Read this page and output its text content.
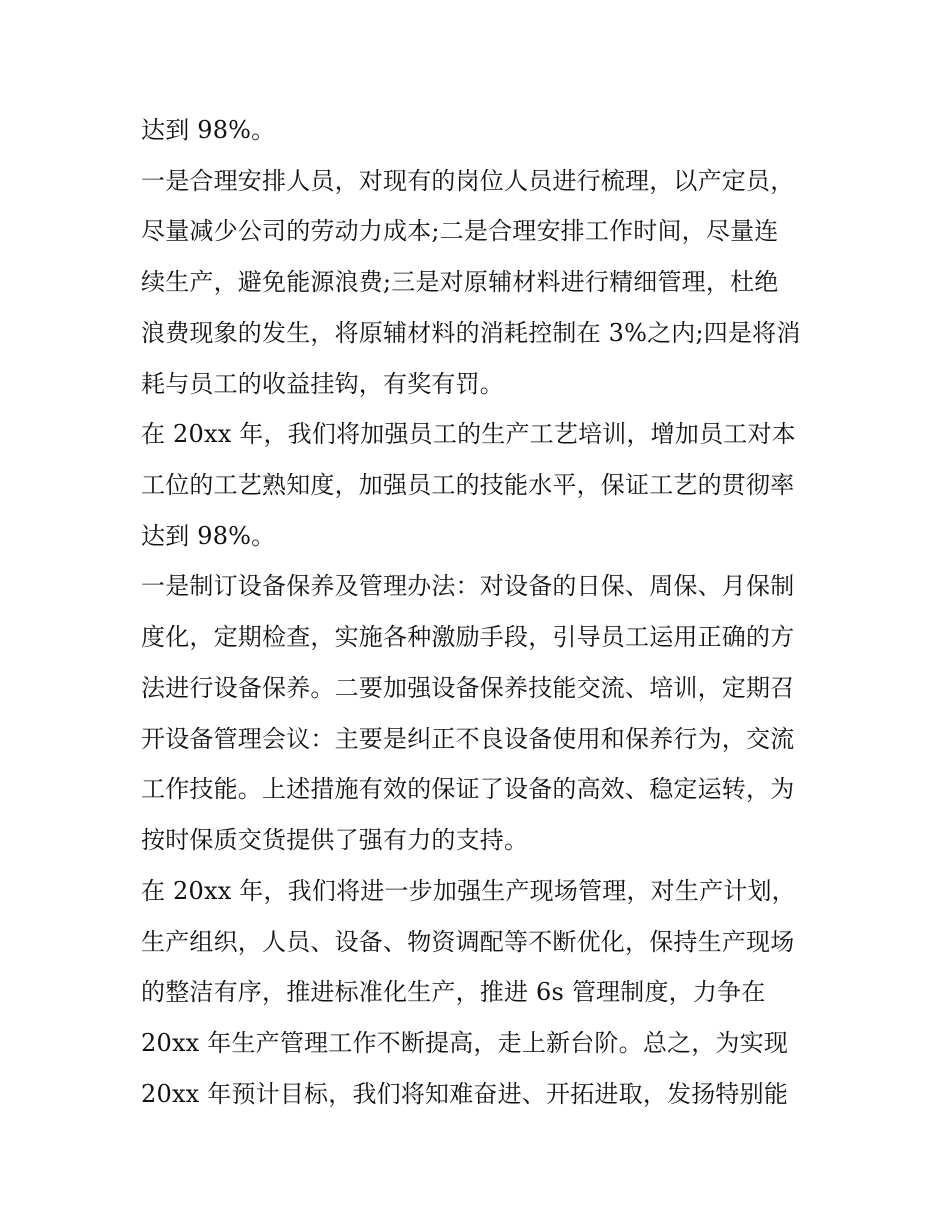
达到 98%。
一是合理安排人员，对现有的岗位人员进行梳理，以产定员，
尽量减少公司的劳动力成本;二是合理安排工作时间，尽量连
续生产，避免能源浪费;三是对原辅材料进行精细管理，杜绝
浪费现象的发生，将原辅材料的消耗控制在 3%之内;四是将消
耗与员工的收益挂钩，有奖有罚。
在 20xx 年，我们将加强员工的生产工艺培训，增加员工对本
工位的工艺熟知度，加强员工的技能水平，保证工艺的贯彻率
达到 98%。
一是制订设备保养及管理办法：对设备的日保、周保、月保制
度化，定期检查，实施各种激励手段，引导员工运用正确的方
法进行设备保养。二要加强设备保养技能交流、培训，定期召
开设备管理会议：主要是纠正不良设备使用和保养行为，交流
工作技能。上述措施有效的保证了设备的高效、稳定运转，为
按时保质交货提供了强有力的支持。
在 20xx 年，我们将进一步加强生产现场管理，对生产计划，
生产组织，人员、设备、物资调配等不断优化，保持生产现场
的整洁有序，推进标准化生产，推进 6s 管理制度，力争在
20xx 年生产管理工作不断提高，走上新台阶。总之，为实现
20xx 年预计目标，我们将知难奋进、开拓进取，发扬特别能
